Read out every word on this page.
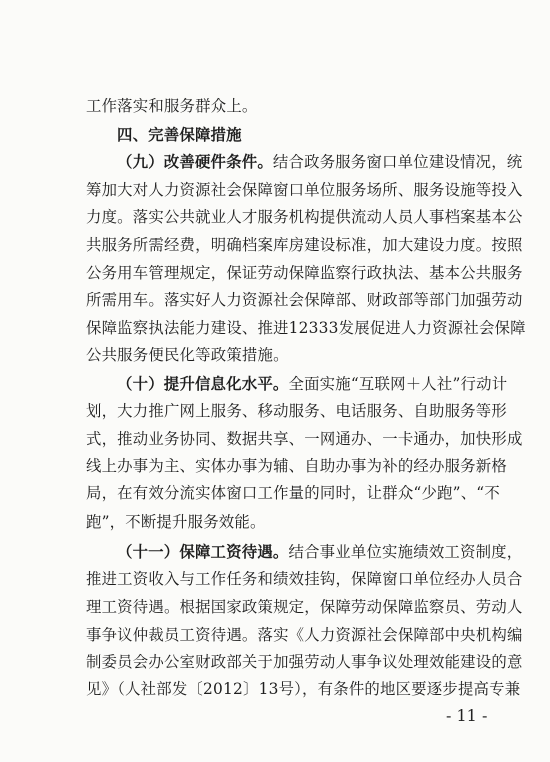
工作落实和服务群众上。
四、完善保障措施
（九）改善硬件条件。结合政务服务窗口单位建设情况，统
筹加大对人力资源社会保障窗口单位服务场所、服务设施等投入
力度。落实公共就业人才服务机构提供流动人员人事档案基本公
共服务所需经费，明确档案库房建设标准，加大建设力度。按照
公务用车管理规定，保证劳动保障监察行政执法、基本公共服务
所需用车。落实好人力资源社会保障部、财政部等部门加强劳动
保障监察执法能力建设、推进12333发展促进人力资源社会保障
公共服务便民化等政策措施。
（十）提升信息化水平。全面实施“互联网＋人社”行动计
划，大力推广网上服务、移动服务、电话服务、自助服务等形
式，推动业务协同、数据共享、一网通办、一卡通办，加快形成
线上办事为主、实体办事为辅、自助办事为补的经办服务新格
局，在有效分流实体窗口工作量的同时，让群众“少跑”、“不
跑”，不断提升服务效能。
（十一）保障工资待遇。结合事业单位实施绩效工资制度，
推进工资收入与工作任务和绩效挂钩，保障窗口单位经办人员合
理工资待遇。根据国家政策规定，保障劳动保障监察员、劳动人
事争议仲裁员工资待遇。落实《人力资源社会保障部中央机构编
制委员会办公室财政部关于加强劳动人事争议处理效能建设的意
见》（人社部发〔2012〕13号），有条件的地区要逐步提高专兼
- 11 -
